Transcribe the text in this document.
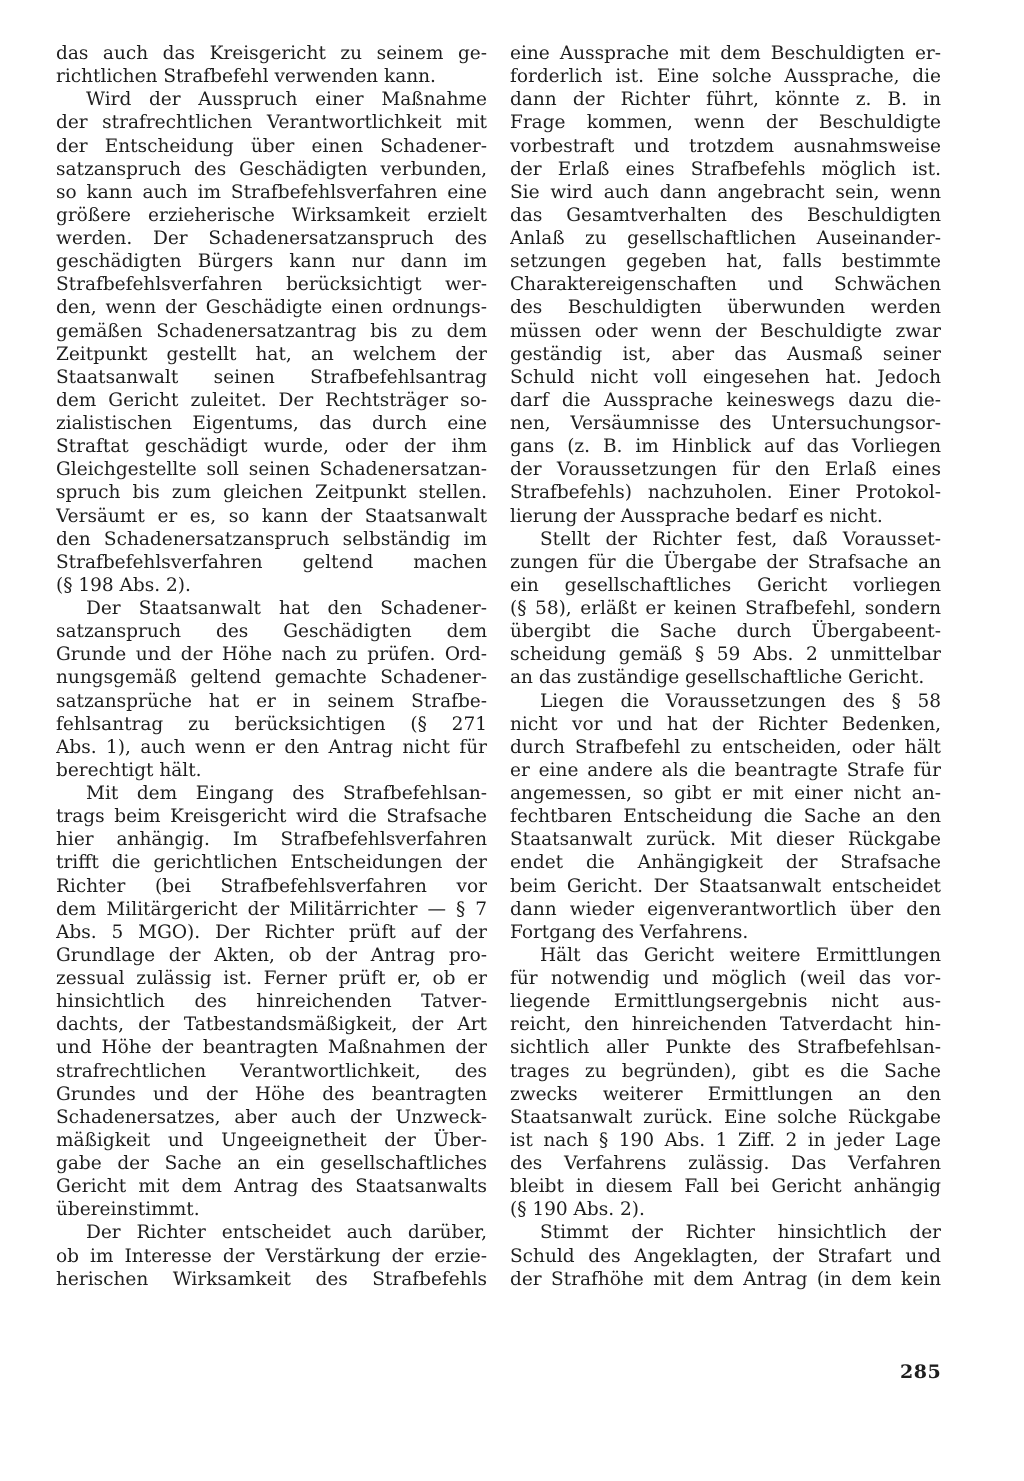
das auch das Kreisgericht zu seinem ge-
richtlichen Strafbefehl verwenden kann.
Wird der Ausspruch einer Maßnahme
der strafrechtlichen Verantwortlichkeit mit
der Entscheidung über einen Schadener-
satzanspruch des Geschädigten verbunden,
so kann auch im Strafbefehlsverfahren eine
größere erzieherische Wirksamkeit erzielt
werden. Der Schadenersatzanspruch des
geschädigten Bürgers kann nur dann im
Strafbefehlsverfahren berücksichtigt wer-
den, wenn der Geschädigte einen ordnungs-
gemäßen Schadenersatzantrag bis zu dem
Zeitpunkt gestellt hat, an welchem der
Staatsanwalt seinen Strafbefehlsantrag
dem Gericht zuleitet. Der Rechtsträger so-
zialistischen Eigentums, das durch eine
Straftat geschädigt wurde, oder der ihm
Gleichgestellte soll seinen Schadenersatzan-
spruch bis zum gleichen Zeitpunkt stellen.
Versäumt er es, so kann der Staatsanwalt
den Schadenersatzanspruch selbständig im
Strafbefehlsverfahren geltend machen
(§ 198 Abs. 2).
Der Staatsanwalt hat den Schadener-
satzanspruch des Geschädigten dem
Grunde und der Höhe nach zu prüfen. Ord-
nungsgemäß geltend gemachte Schadener-
satzansprüche hat er in seinem Strafbe-
fehlsantrag zu berücksichtigen (§ 271
Abs. 1), auch wenn er den Antrag nicht für
berechtigt hält.
Mit dem Eingang des Strafbefehlsan-
trags beim Kreisgericht wird die Strafsache
hier anhängig. Im Strafbefehlsverfahren
trifft die gerichtlichen Entscheidungen der
Richter (bei Strafbefehlsverfahren vor
dem Militärgericht der Militärrichter — § 7
Abs. 5 MGO). Der Richter prüft auf der
Grundlage der Akten, ob der Antrag pro-
zessual zulässig ist. Ferner prüft er, ob er
hinsichtlich des hinreichenden Tatver-
dachts, der Tatbestandsmäßigkeit, der Art
und Höhe der beantragten Maßnahmen der
strafrechtlichen Verantwortlichkeit, des
Grundes und der Höhe des beantragten
Schadenersatzes, aber auch der Unzweck-
mäßigkeit und Ungeeignetheit der Über-
gabe der Sache an ein gesellschaftliches
Gericht mit dem Antrag des Staatsanwalts
übereinstimmt.
Der Richter entscheidet auch darüber,
ob im Interesse der Verstärkung der erzie-
herischen Wirksamkeit des Strafbefehls
eine Aussprache mit dem Beschuldigten er-
forderlich ist. Eine solche Aussprache, die
dann der Richter führt, könnte z. B. in
Frage kommen, wenn der Beschuldigte
vorbestraft und trotzdem ausnahmsweise
der Erlaß eines Strafbefehls möglich ist.
Sie wird auch dann angebracht sein, wenn
das Gesamtverhalten des Beschuldigten
Anlaß zu gesellschaftlichen Auseinander-
setzungen gegeben hat, falls bestimmte
Charaktereigenschaften und Schwächen
des Beschuldigten überwunden werden
müssen oder wenn der Beschuldigte zwar
geständig ist, aber das Ausmaß seiner
Schuld nicht voll eingesehen hat. Jedoch
darf die Aussprache keineswegs dazu die-
nen, Versäumnisse des Untersuchungsor-
gans (z. B. im Hinblick auf das Vorliegen
der Voraussetzungen für den Erlaß eines
Strafbefehls) nachzuholen. Einer Protokol-
lierung der Aussprache bedarf es nicht.
Stellt der Richter fest, daß Vorausset-
zungen für die Übergabe der Strafsache an
ein gesellschaftliches Gericht vorliegen
(§ 58), erläßt er keinen Strafbefehl, sondern
übergibt die Sache durch Übergabeent-
scheidung gemäß § 59 Abs. 2 unmittelbar
an das zuständige gesellschaftliche Gericht.
Liegen die Voraussetzungen des § 58
nicht vor und hat der Richter Bedenken,
durch Strafbefehl zu entscheiden, oder hält
er eine andere als die beantragte Strafe für
angemessen, so gibt er mit einer nicht an-
fechtbaren Entscheidung die Sache an den
Staatsanwalt zurück. Mit dieser Rückgabe
endet die Anhängigkeit der Strafsache
beim Gericht. Der Staatsanwalt entscheidet
dann wieder eigenverantwortlich über den
Fortgang des Verfahrens.
Hält das Gericht weitere Ermittlungen
für notwendig und möglich (weil das vor-
liegende Ermittlungsergebnis nicht aus-
reicht, den hinreichenden Tatverdacht hin-
sichtlich aller Punkte des Strafbefehlsan-
trages zu begründen), gibt es die Sache
zwecks weiterer Ermittlungen an den
Staatsanwalt zurück. Eine solche Rückgabe
ist nach § 190 Abs. 1 Ziff. 2 in jeder Lage
des Verfahrens zulässig. Das Verfahren
bleibt in diesem Fall bei Gericht anhängig
(§ 190 Abs. 2).
Stimmt der Richter hinsichtlich der
Schuld des Angeklagten, der Strafart und
der Strafhöhe mit dem Antrag (in dem kein
285
